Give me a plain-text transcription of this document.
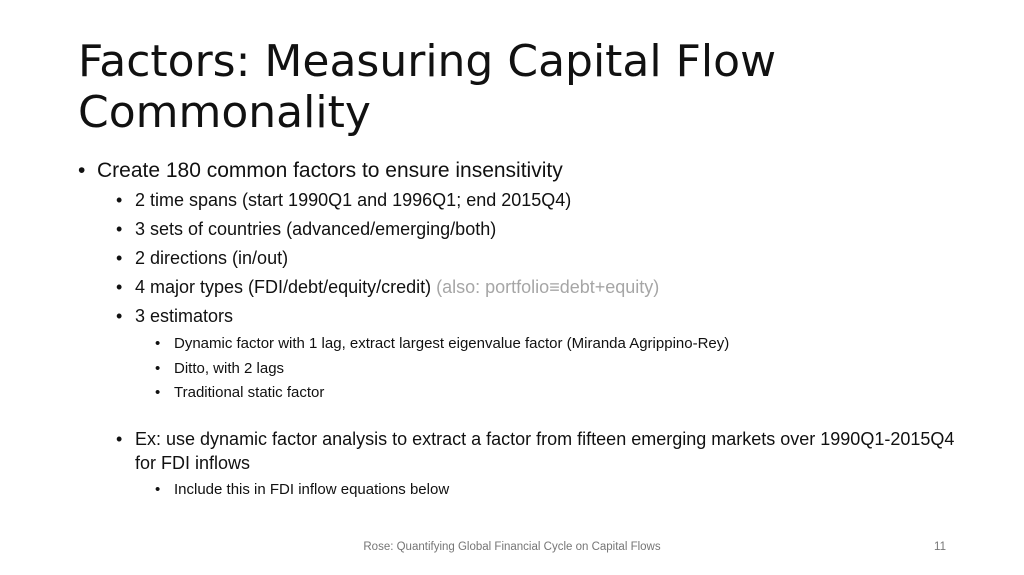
Factors: Measuring Capital Flow
Commonality
• Create 180 common factors to ensure insensitivity
• 2 time spans (start 1990Q1 and 1996Q1; end 2015Q4)
• 3 sets of countries (advanced/emerging/both)
• 2 directions (in/out)
• 4 major types (FDI/debt/equity/credit) (also: portfolio≡debt+equity)
• 3 estimators
• Dynamic factor with 1 lag, extract largest eigenvalue factor (Miranda Agrippino-Rey)
• Ditto, with 2 lags
• Traditional static factor
• Ex: use dynamic factor analysis to extract a factor from fifteen emerging markets over 1990Q1-2015Q4 for FDI inflows
• Include this in FDI inflow equations below
Rose: Quantifying Global Financial Cycle on Capital Flows	11
